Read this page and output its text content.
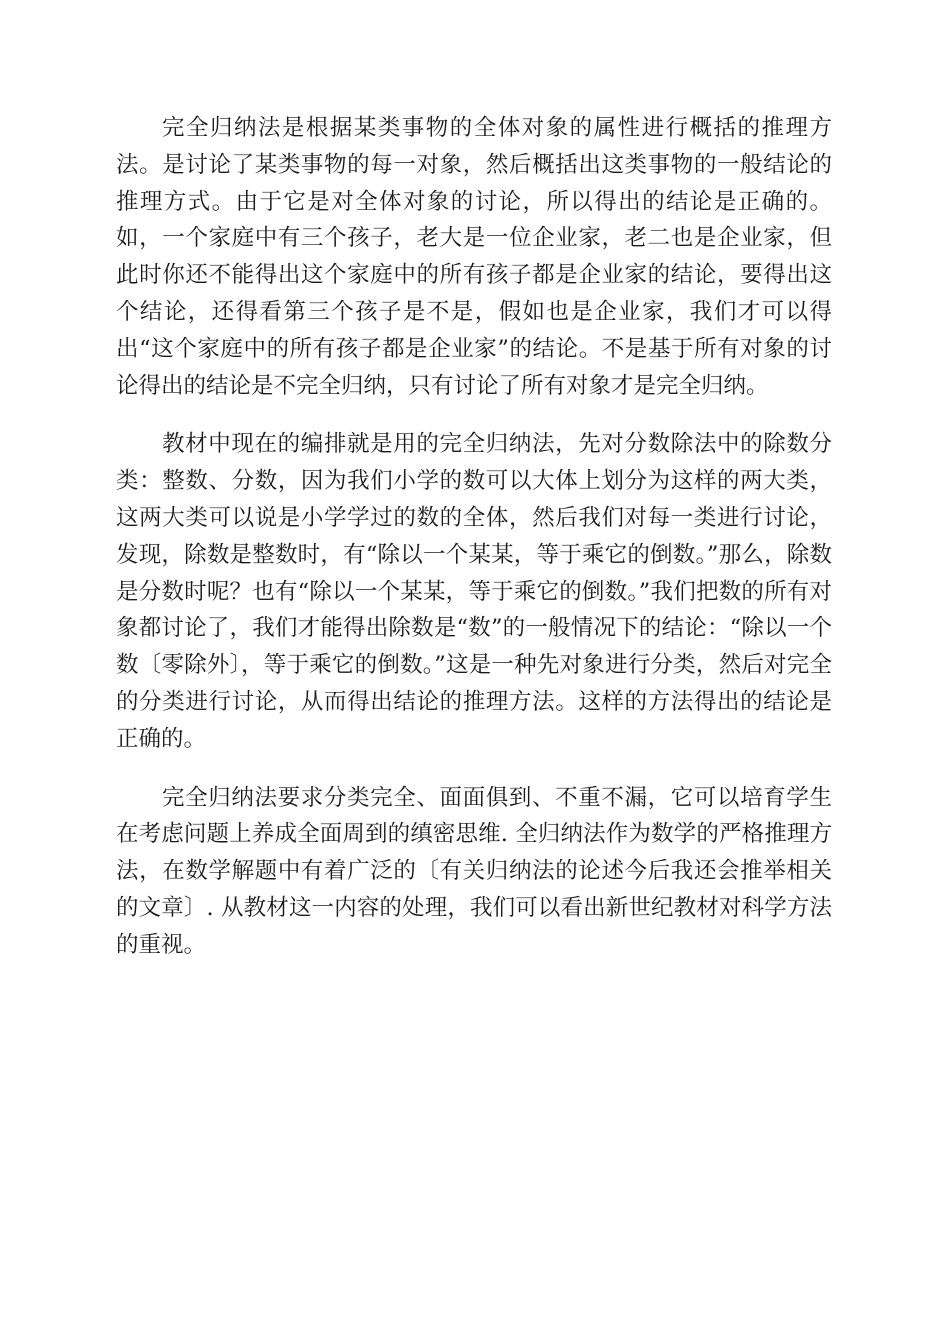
完全归纳法是根据某类事物的全体对象的属性进行概括的推理方法。是讨论了某类事物的每一对象，然后概括出这类事物的一般结论的推理方式。由于它是对全体对象的讨论，所以得出的结论是正确的。如，一个家庭中有三个孩子，老大是一位企业家，老二也是企业家，但此时你还不能得出这个家庭中的所有孩子都是企业家的结论，要得出这个结论，还得看第三个孩子是不是，假如也是企业家，我们才可以得出“这个家庭中的所有孩子都是企业家”的结论。不是基于所有对象的讨论得出的结论是不完全归纳，只有讨论了所有对象才是完全归纳。

教材中现在的编排就是用的完全归纳法，先对分数除法中的除数分类：整数、分数，因为我们小学的数可以大体上划分为这样的两大类，这两大类可以说是小学学过的数的全体，然后我们对每一类进行讨论，发现，除数是整数时，有“除以一个某某，等于乘它的倒数。”那么，除数是分数时呢？也有“除以一个某某，等于乘它的倒数。”我们把数的所有对象都讨论了，我们才能得出除数是“数”的一般情况下的结论：“除以一个数〔零除外〕，等于乘它的倒数。”这是一种先对象进行分类，然后对完全的分类进行讨论，从而得出结论的推理方法。这样的方法得出的结论是正确的。

完全归纳法要求分类完全、面面俱到、不重不漏，它可以培育学生在考虑问题上养成全面周到的缜密思维. 全归纳法作为数学的严格推理方法，在数学解题中有着广泛的〔有关归纳法的论述今后我还会推举相关的文章〕. 从教材这一内容的处理，我们可以看出新世纪教材对科学方法的重视。
